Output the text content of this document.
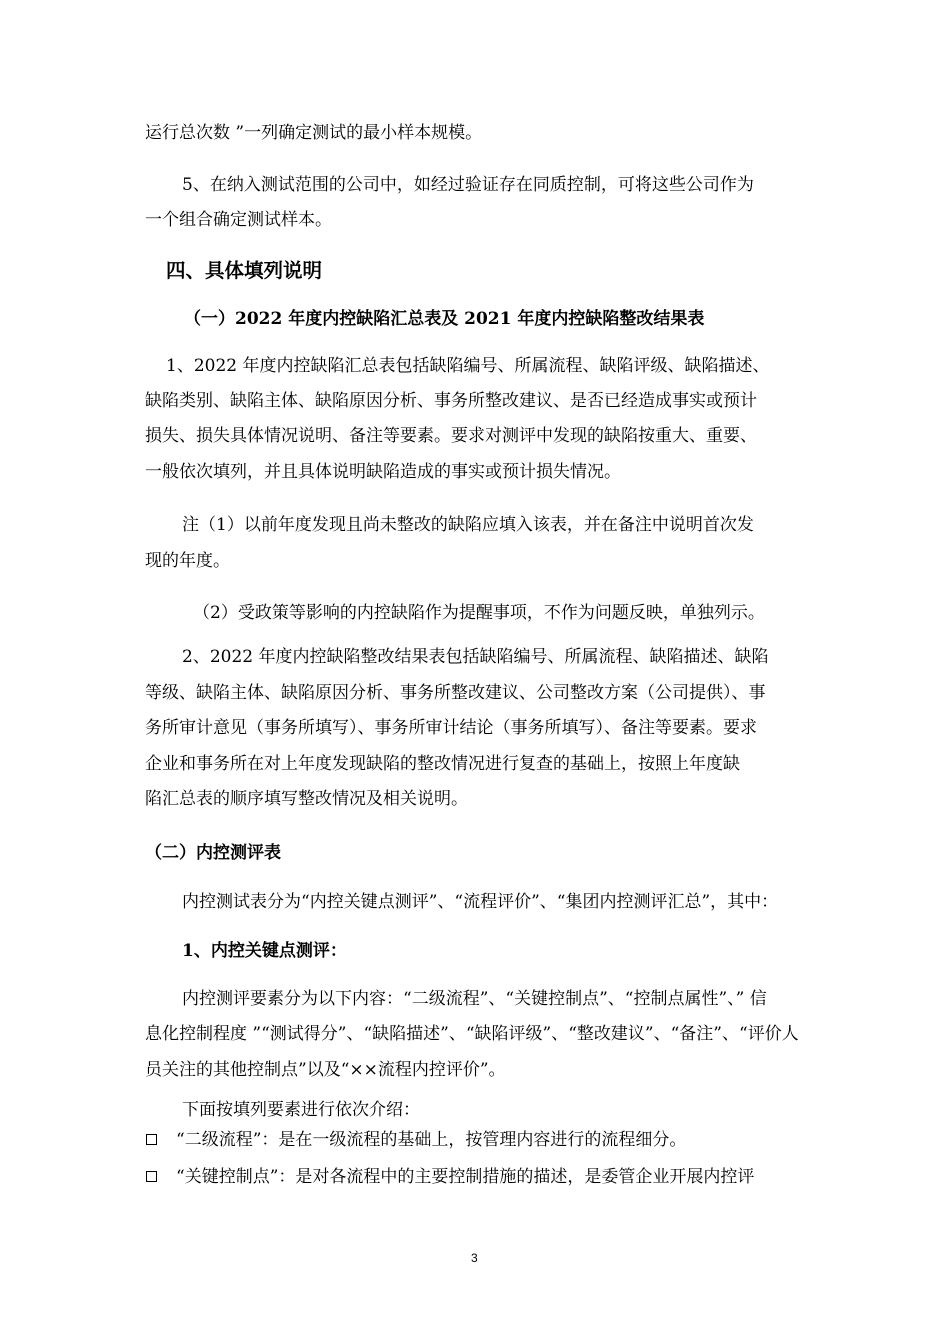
运行总次数 ”一列确定测试的最小样本规模。
5、在纳入测试范围的公司中，如经过验证存在同质控制，可将这些公司作为
一个组合确定测试样本。
四、具体填列说明
（一）2022 年度内控缺陷汇总表及 2021 年度内控缺陷整改结果表
1、2022 年度内控缺陷汇总表包括缺陷编号、所属流程、缺陷评级、缺陷描述、
缺陷类别、缺陷主体、缺陷原因分析、事务所整改建议、是否已经造成事实或预计
损失、损失具体情况说明、备注等要素。要求对测评中发现的缺陷按重大、重要、
一般依次填列，并且具体说明缺陷造成的事实或预计损失情况。
注（1）以前年度发现且尚未整改的缺陷应填入该表，并在备注中说明首次发
现的年度。
（2）受政策等影响的内控缺陷作为提醒事项，不作为问题反映，单独列示。
2、2022 年度内控缺陷整改结果表包括缺陷编号、所属流程、缺陷描述、缺陷
等级、缺陷主体、缺陷原因分析、事务所整改建议、公司整改方案（公司提供）、事
务所审计意见（事务所填写）、事务所审计结论（事务所填写）、备注等要素。要求
企业和事务所在对上年度发现缺陷的整改情况进行复查的基础上，按照上年度缺
陷汇总表的顺序填写整改情况及相关说明。
（二）内控测评表
内控测试表分为“内控关键点测评”、“流程评价”、“集团内控测评汇总”，其中：
1、内控关键点测评：
内控测评要素分为以下内容：“二级流程”、“关键控制点”、“控制点属性”、” 信
息化控制程度 ”“测试得分”、“缺陷描述”、“缺陷评级”、“整改建议”、“备注”、“评价人
员关注的其他控制点”以及“××流程内控评价”。
下面按填列要素进行依次介绍：
“二级流程”：是在一级流程的基础上，按管理内容进行的流程细分。
“关键控制点”：是对各流程中的主要控制措施的描述，是委管企业开展内控评
3
